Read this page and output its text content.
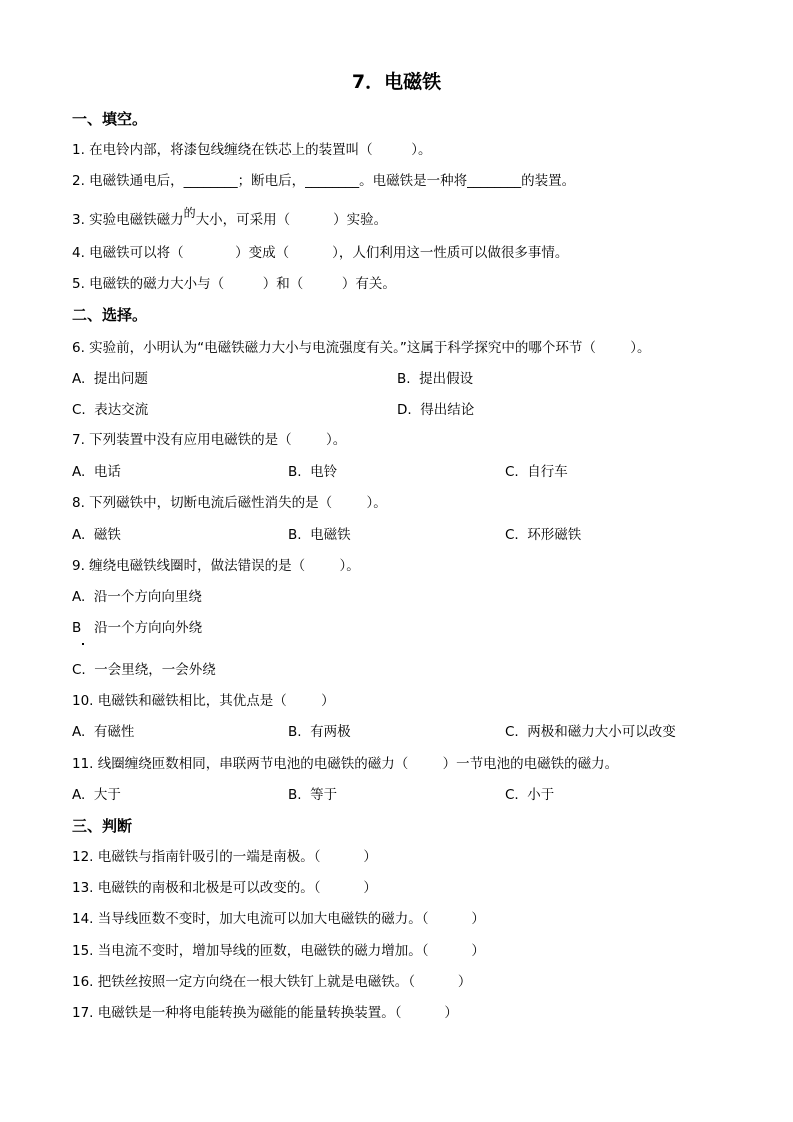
7．电磁铁
一、填空。
1. 在电铃内部，将漆包线缠绕在铁芯上的装置叫（         ）。
2. 电磁铁通电后，________；断电后，________。电磁铁是一种将________的装置。
3. 实验电磁铁磁力的大小，可采用（          ）实验。
4. 电磁铁可以将（            ）变成（          ），人们利用这一性质可以做很多事情。
5. 电磁铁的磁力大小与（         ）和（         ）有关。
二、选择。
6. 实验前，小明认为“电磁铁磁力大小与电流强度有关。”这属于科学探究中的哪个环节（        ）。
A.  提出问题	B.  提出假设
C.  表达交流	D.  得出结论
7. 下列装置中没有应用电磁铁的是（        ）。
A.  电话	B.  电铃	C.  自行车
8. 下列磁铁中，切断电流后磁性消失的是（        ）。
A.  磁铁	B.  电磁铁	C.  环形磁铁
9. 缠绕电磁铁线圈时，做法错误的是（        ）。
A.  沿一个方向向里绕
B   沿一个方向向外绕
C.  一会里绕，一会外绕
10. 电磁铁和磁铁相比，其优点是（        ）
A.  有磁性	B.  有两极	C.  两极和磁力大小可以改变
11. 线圈缠绕匝数相同，串联两节电池的电磁铁的磁力（        ）一节电池的电磁铁的磁力。
A.  大于	B.  等于	C.  小于
三、判断
12. 电磁铁与指南针吸引的一端是南极。（          ）
13. 电磁铁的南极和北极是可以改变的。（          ）
14. 当导线匝数不变时，加大电流可以加大电磁铁的磁力。（          ）
15. 当电流不变时，增加导线的匝数，电磁铁的磁力增加。（          ）
16. 把铁丝按照一定方向绕在一根大铁钉上就是电磁铁。（          ）
17. 电磁铁是一种将电能转换为磁能的能量转换装置。（          ）
